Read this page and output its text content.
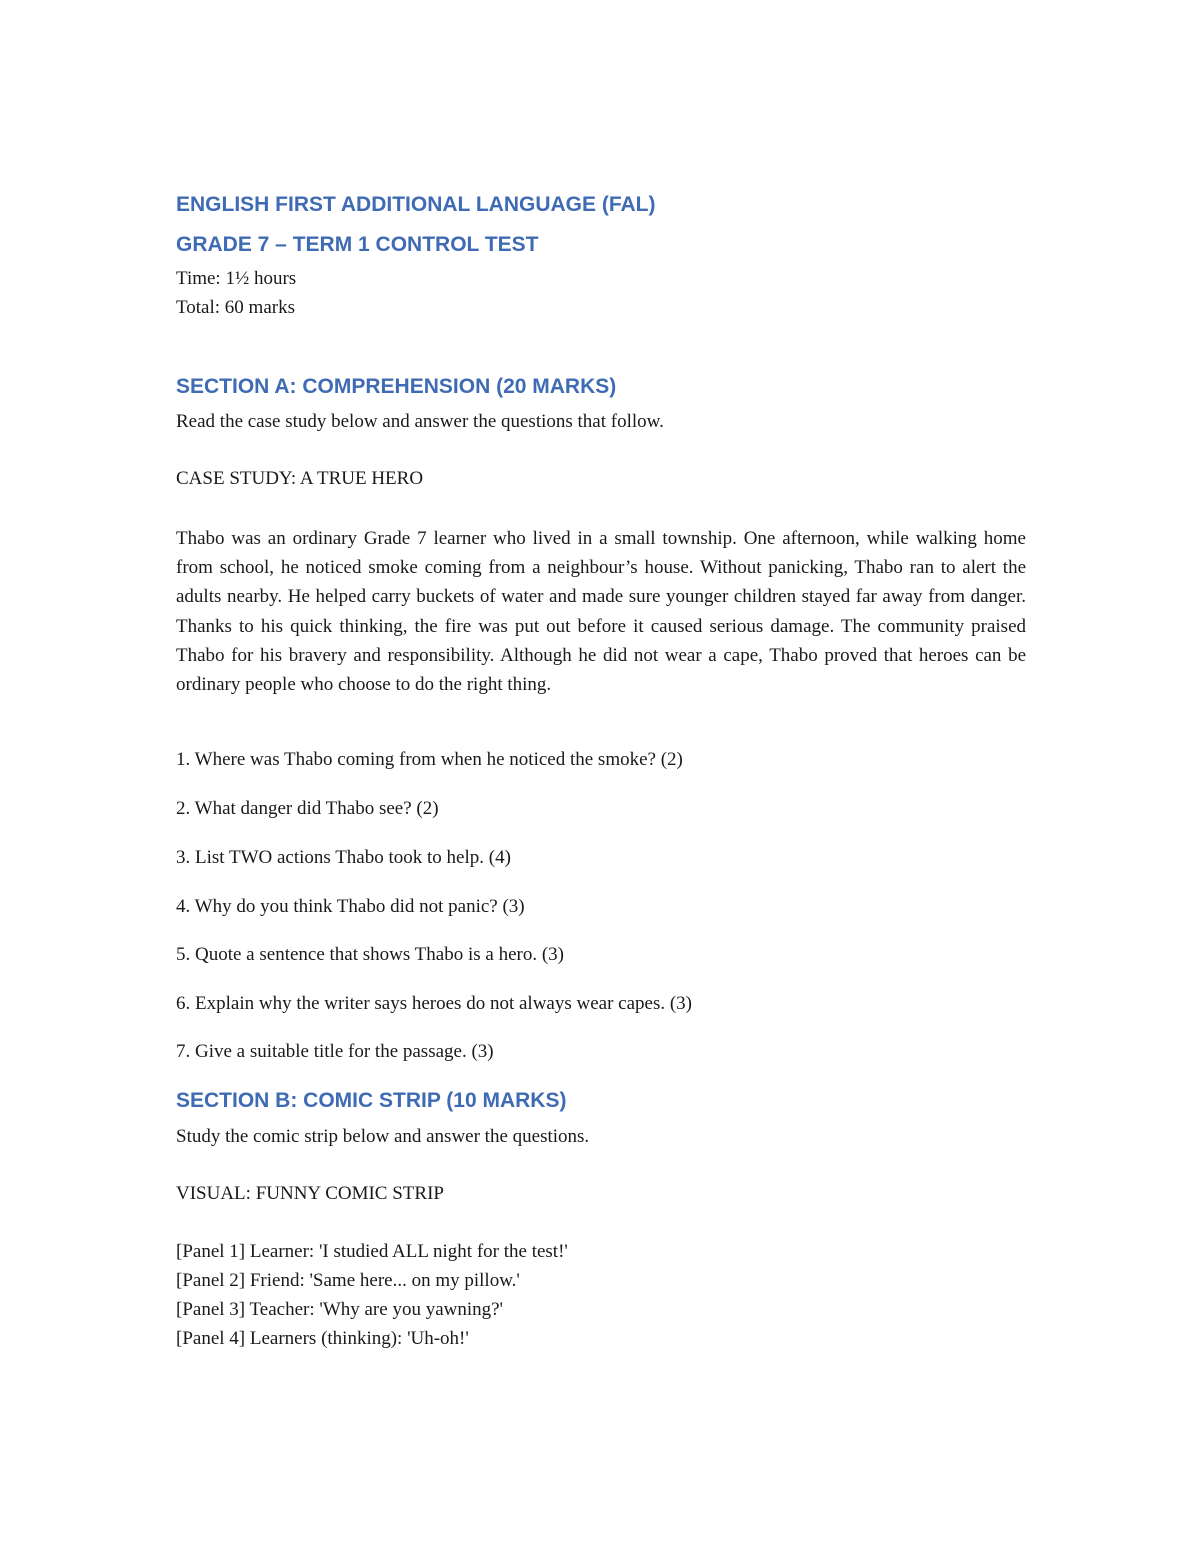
ENGLISH FIRST ADDITIONAL LANGUAGE (FAL)
GRADE 7 – TERM 1 CONTROL TEST
Time: 1½ hours
Total: 60 marks
SECTION A: COMPREHENSION (20 MARKS)
Read the case study below and answer the questions that follow.
CASE STUDY: A TRUE HERO
Thabo was an ordinary Grade 7 learner who lived in a small township. One afternoon, while walking home from school, he noticed smoke coming from a neighbour’s house. Without panicking, Thabo ran to alert the adults nearby. He helped carry buckets of water and made sure younger children stayed far away from danger. Thanks to his quick thinking, the fire was put out before it caused serious damage. The community praised Thabo for his bravery and responsibility. Although he did not wear a cape, Thabo proved that heroes can be ordinary people who choose to do the right thing.
1. Where was Thabo coming from when he noticed the smoke? (2)
2. What danger did Thabo see? (2)
3. List TWO actions Thabo took to help. (4)
4. Why do you think Thabo did not panic? (3)
5. Quote a sentence that shows Thabo is a hero. (3)
6. Explain why the writer says heroes do not always wear capes. (3)
7. Give a suitable title for the passage. (3)
SECTION B: COMIC STRIP (10 MARKS)
Study the comic strip below and answer the questions.
VISUAL: FUNNY COMIC STRIP
[Panel 1] Learner: 'I studied ALL night for the test!'
[Panel 2] Friend: 'Same here... on my pillow.'
[Panel 3] Teacher: 'Why are you yawning?'
[Panel 4] Learners (thinking): 'Uh-oh!'
